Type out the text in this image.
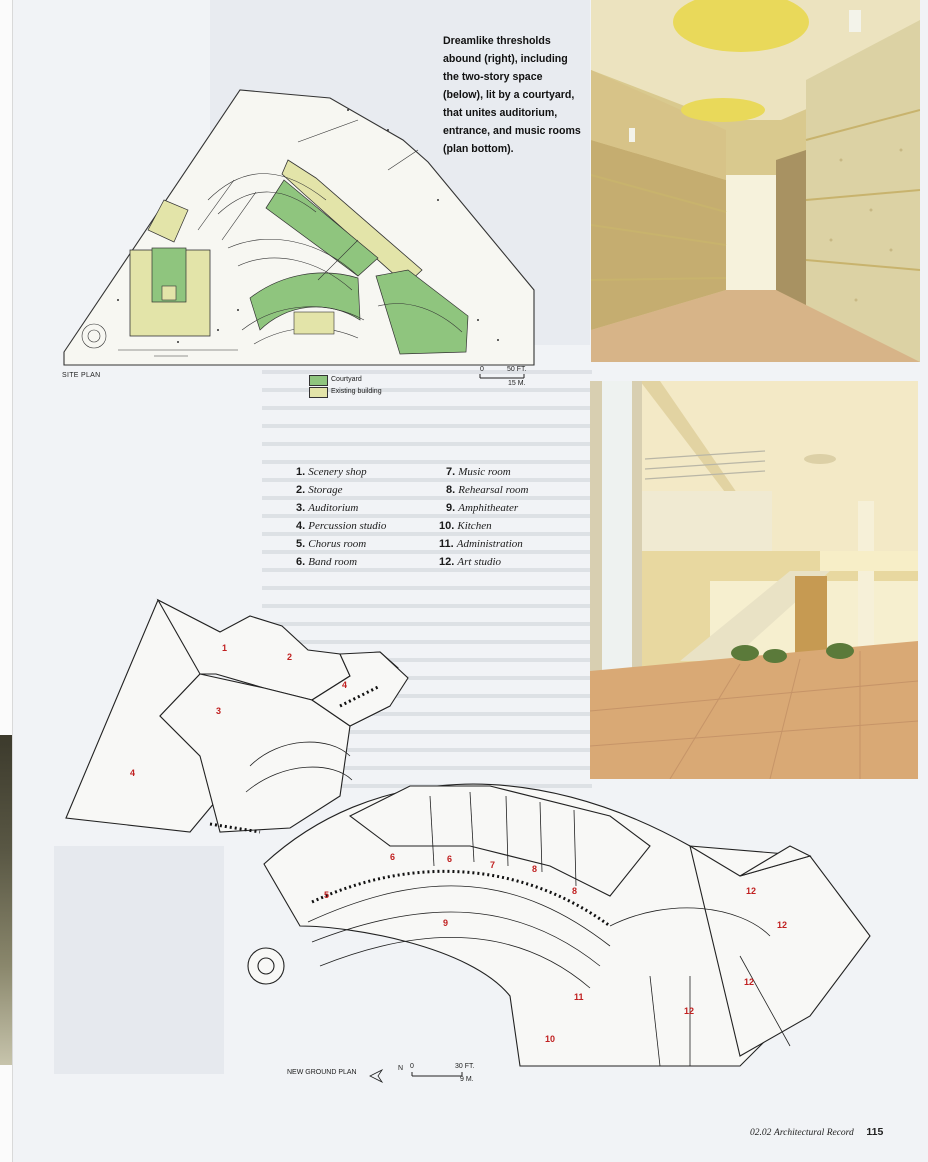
Dreamlike thresholds abound (right), including the two-story space (below), lit by a courtyard, that unites auditorium, entrance, and music rooms (plan bottom).
SITE PLAN
Courtyard
Existing building
0	50 FT.
15 M.
1. Scenery shop
2. Storage
3. Auditorium
4. Percussion studio
5. Chorus room
6. Band room
7. Music room
8. Rehearsal room
9. Amphitheater
10. Kitchen
11. Administration
12. Art studio
1
2
3
4
4
6	6
7	8
8
5
9
11
10
12
12
12
12
NEW GROUND PLAN
N 0	30 FT.
9 M.
02.02 Architectural Record 115
